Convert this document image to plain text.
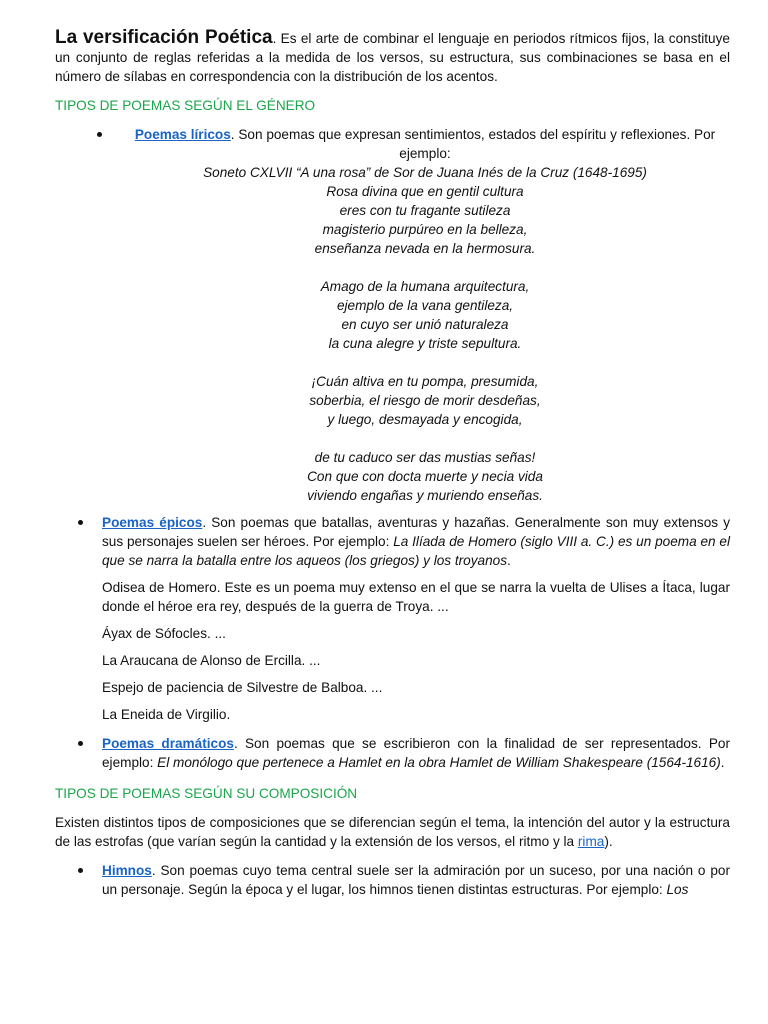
La versificación Poética. Es el arte de combinar el lenguaje en periodos rítmicos fijos, la constituye un conjunto de reglas referidas a la medida de los versos, su estructura, sus combinaciones se basa en el número de sílabas en correspondencia con la distribución de los acentos.

TIPOS DE POEMAS SEGÚN EL GÉNERO
Poemas líricos. Son poemas que expresan sentimientos, estados del espíritu y reflexiones. Por ejemplo:
Soneto CXLVII “A una rosa” de Sor de Juana Inés de la Cruz (1648-1695)
Rosa divina que en gentil cultura
eres con tu fragante sutileza
magisterio purpúreo en la belleza,
enseñanza nevada en la hermosura.
Amago de la humana arquitectura,
ejemplo de la vana gentileza,
en cuyo ser unió naturaleza
la cuna alegre y triste sepultura.
¡Cuán altiva en tu pompa, presumida,
soberbia, el riesgo de morir desdeñas,
y luego, desmayada y encogida,
de tu caduco ser das mustias señas!
Con que con docta muerte y necia vida
viviendo engañas y muriendo enseñas.

Poemas épicos. Son poemas que batallas, aventuras y hazañas. Generalmente son muy extensos y sus personajes suelen ser héroes. Por ejemplo: La Ilíada de Homero (siglo VIII a. C.) es un poema en el que se narra la batalla entre los aqueos (los griegos) y los troyanos.

Odisea de Homero. Este es un poema muy extenso en el que se narra la vuelta de Ulises a Ítaca, lugar donde el héroe era rey, después de la guerra de Troya. ...

Áyax de Sófocles. ...

La Araucana de Alonso de Ercilla. ...

Espejo de paciencia de Silvestre de Balboa. ...

La Eneida de Virgilio.

Poemas dramáticos. Son poemas que se escribieron con la finalidad de ser representados. Por ejemplo: El monólogo que pertenece a Hamlet en la obra Hamlet de William Shakespeare (1564-1616).

TIPOS DE POEMAS SEGÚN SU COMPOSICIÓN

Existen distintos tipos de composiciones que se diferencian según el tema, la intención del autor y la estructura de las estrofas (que varían según la cantidad y la extensión de los versos, el ritmo y la rima).

Himnos. Son poemas cuyo tema central suele ser la admiración por un suceso, por una nación o por un personaje. Según la época y el lugar, los himnos tienen distintas estructuras. Por ejemplo: Los
